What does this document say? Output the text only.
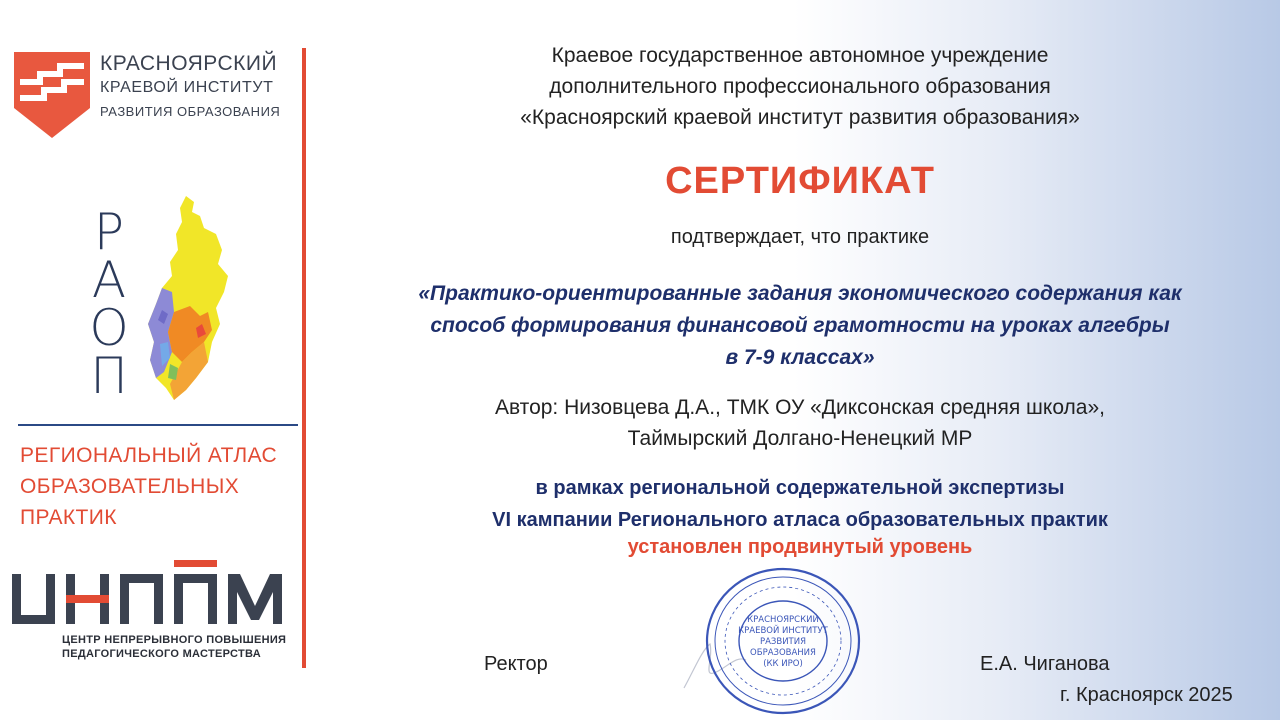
КРАСНОЯРСКИЙ
КРАЕВОЙ ИНСТИТУТ
РАЗВИТИЯ ОБРАЗОВАНИЯ
Р
А
О
П
РЕГИОНАЛЬНЫЙ АТЛАС
ОБРАЗОВАТЕЛЬНЫХ
ПРАКТИК
ЦЕНТР НЕПРЕРЫВНОГО ПОВЫШЕНИЯ
ПЕДАГОГИЧЕСКОГО МАСТЕРСТВА
Краевое государственное автономное учреждение
дополнительного профессионального образования
«Красноярский краевой институт развития образования»
СЕРТИФИКАТ
подтверждает, что практике
«Практико-ориентированные задания экономического содержания как
способ формирования финансовой грамотности на уроках алгебры
в 7-9 классах»
Автор: Низовцева Д.А., ТМК ОУ «Диксонская средняя школа»,
Таймырский Долгано-Ненецкий МР
в рамках региональной содержательной экспертизы
VI кампании Регионального атласа образовательных практик
установлен продвинутый уровень
Ректор
КРАСНОЯРСКИЙ
КРАЕВОЙ ИНСТИТУТ
РАЗВИТИЯ
ОБРАЗОВАНИЯ
(КК ИРО)	Е.А. Чиганова
г. Красноярск 2025
